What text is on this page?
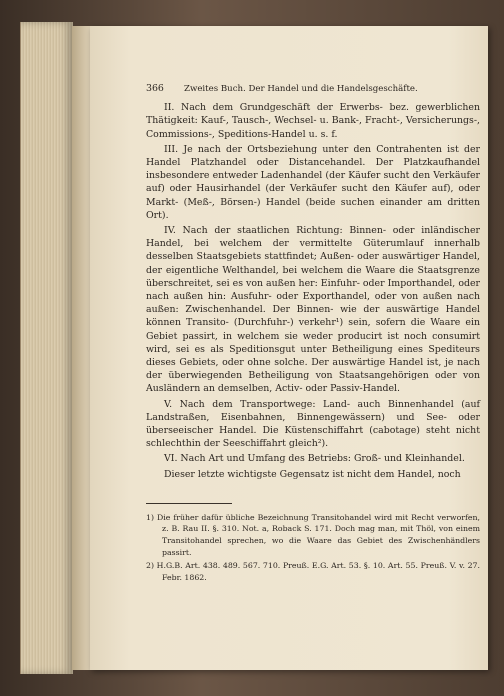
366	Zweites Buch. Der Handel und die Handelsgeschäfte.

II. Nach dem Grundgeschäft der Erwerbs- bez. gewerblichen Thätigkeit: Kauf-, Tausch-, Wechsel- u. Bank-, Fracht-, Versicherungs-, Commissions-, Speditions-Handel u. s. f.

III. Je nach der Ortsbeziehung unter den Contrahenten ist der Handel Platzhandel oder Distancehandel. Der Platzkaufhandel insbesondere entweder Ladenhandel (der Käufer sucht den Verkäufer auf) oder Hausirhandel (der Verkäufer sucht den Käufer auf), oder Markt- (Meß-, Börsen-) Handel (beide suchen einander am dritten Ort).

IV. Nach der staatlichen Richtung: Binnen- oder inländischer Handel, bei welchem der vermittelte Güterumlauf innerhalb desselben Staatsgebiets stattfindet; Außen- oder auswärtiger Handel, der eigentliche Welthandel, bei welchem die Waare die Staatsgrenze überschreitet, sei es von außen her: Einfuhr- oder Importhandel, oder nach außen hin: Ausfuhr- oder Exporthandel, oder von außen nach außen: Zwischenhandel. Der Binnen- wie der auswärtige Handel können Transito- (Durchfuhr-) verkehr¹) sein, sofern die Waare ein Gebiet passirt, in welchem sie weder producirt ist noch consumirt wird, sei es als Speditionsgut unter Betheiligung eines Spediteurs dieses Gebiets, oder ohne solche. Der auswärtige Handel ist, je nach der überwiegenden Betheiligung von Staatsangehörigen oder von Ausländern an demselben, Activ- oder Passiv-Handel.

V. Nach dem Transportwege: Land- auch Binnenhandel (auf Landstraßen, Eisenbahnen, Binnengewässern) und See- oder überseeischer Handel. Die Küstenschiffahrt (cabotage) steht nicht schlechthin der Seeschiffahrt gleich²).

VI. Nach Art und Umfang des Betriebs: Groß- und Kleinhandel.

Dieser letzte wichtigste Gegensatz ist nicht dem Handel, noch

1) Die früher dafür übliche Bezeichnung Transitohandel wird mit Recht verworfen, z. B. Rau II. §. 310. Not. a, Roback S. 171. Doch mag man, mit Thöl, von einem Transitohandel sprechen, wo die Waare das Gebiet des Zwischenhändlers passirt.

2) H.G.B. Art. 438. 489. 567. 710. Preuß. E.G. Art. 53. §. 10. Art. 55. Preuß. V. v. 27. Febr. 1862.
